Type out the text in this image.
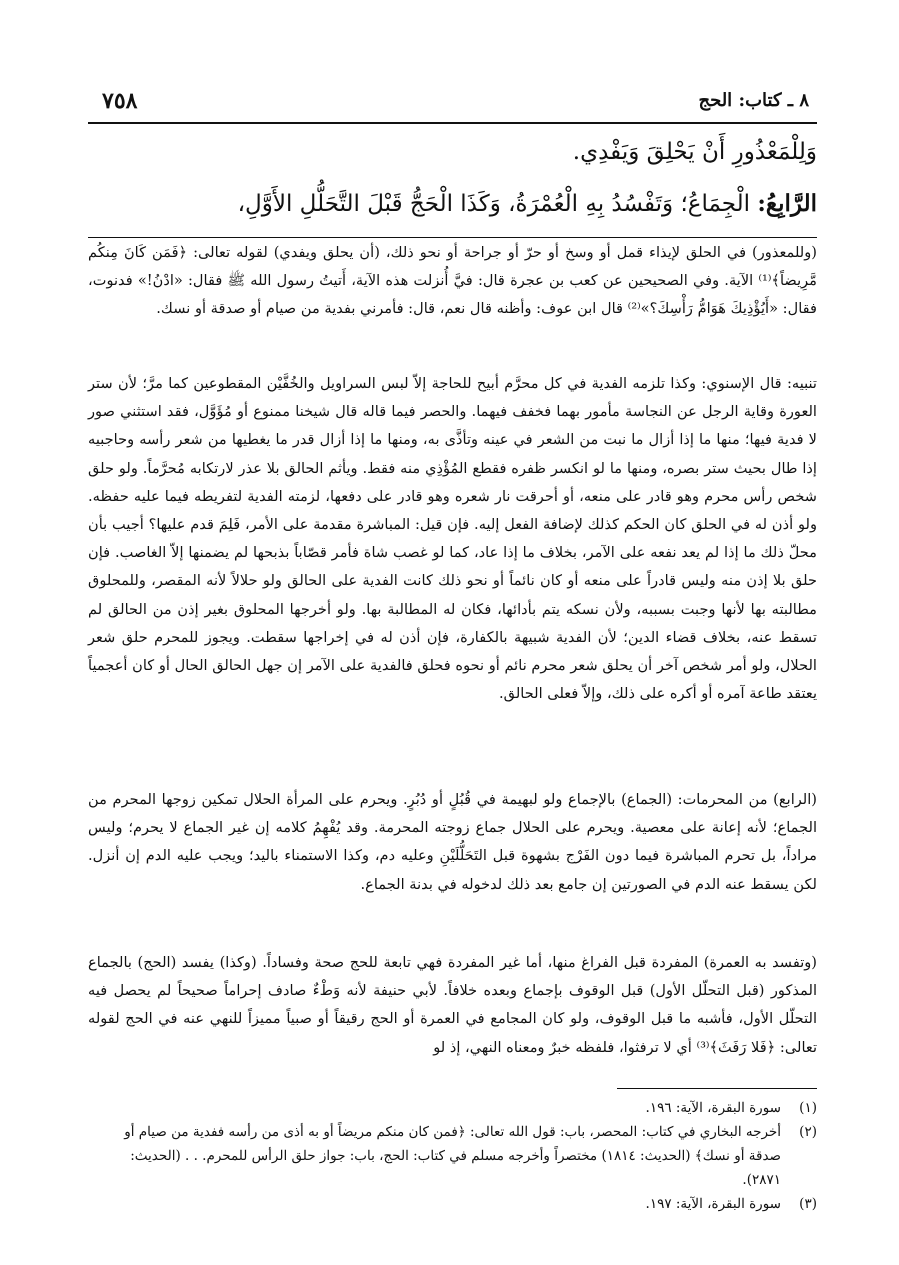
٧٥٨	٨ ـ كتاب: الحج
وَلِلْمَعْذُورِ أَنْ يَحْلِقَ وَيَفْدِي.
الرَّابِعُ: الْجِمَاعُ؛ وَتَفْسُدُ بِهِ الْعُمْرَةُ، وَكَذَا الْحَجُّ قَبْلَ التَّحَلُّلِ الأَوَّلِ،
(وللمعذور) في الحلق لإيذاء قمل أو وسخ أو حرّ أو جراحة أو نحو ذلك، (أن يحلق ويفدي) لقوله تعالى: ﴿فَمَن كَانَ مِنكُم مَّرِيضاً﴾⁽¹⁾ الآية. وفي الصحيحين عن كعب بن عجرة قال: فيَّ أُنزلت هذه الآية، أَتيتُ رسول الله ﷺ فقال: «ادْنُ!» فدنوت، فقال: «أَيُؤْذِيكَ هَوَامُّ رَأْسِكَ؟»⁽²⁾ قال ابن عوف: وأظنه قال نعم، قال: فأمرني بفدية من صيام أو صدقة أو نسك.
تنبيه: قال الإسنوي: وكذا تلزمه الفدية في كل محرَّم أبيح للحاجة إلاّ لبس السراويل والخُفَّيْن المقطوعين كما مرَّ؛ لأن ستر العورة وقاية الرجل عن النجاسة مأمور بهما فخفف فيهما. والحصر فيما قاله قال شيخنا ممنوع أو مُؤَوَّل، فقد استثني صور لا فدية فيها؛ منها ما إذا أزال ما نبت من الشعر في عينه وتأذَّى به، ومنها ما إذا أزال قدر ما يغطيها من شعر رأسه وحاجبيه إذا طال بحيث ستر بصره، ومنها ما لو انكسر ظفره فقطع المُؤْذِي منه فقط. ويأثم الحالق بلا عذر لارتكابه مُحرَّماً. ولو حلق شخص رأس محرم وهو قادر على منعه، أو أحرقت نار شعره وهو قادر على دفعها، لزمته الفدية لتفريطه فيما عليه حفظه. ولو أذن له في الحلق كان الحكم كذلك لإضافة الفعل إليه. فإن قيل: المباشرة مقدمة على الأمر، فَلِمَ قدم عليها؟ أجيب بأن محلّ ذلك ما إذا لم يعد نفعه على الآمر، بخلاف ما إذا عاد، كما لو غصب شاة فأمر قصّاباً بذبحها لم يضمنها إلاّ الغاصب. فإن حلق بلا إذن منه وليس قادراً على منعه أو كان نائماً أو نحو ذلك كانت الفدية على الحالق ولو حلالاً لأنه المقصر، وللمحلوق مطالبته بها لأنها وجبت بسببه، ولأن نسكه يتم بأدائها، فكان له المطالبة بها. ولو أخرجها المحلوق بغير إذن من الحالق لم تسقط عنه، بخلاف قضاء الدين؛ لأن الفدية شبيهة بالكفارة، فإن أذن له في إخراجها سقطت. ويجوز للمحرم حلق شعر الحلال، ولو أمر شخص آخر أن يحلق شعر محرم نائم أو نحوه فحلق فالفدية على الآمر إن جهل الحالق الحال أو كان أعجمياً يعتقد طاعة آمره أو أكره على ذلك، وإلاّ فعلى الحالق.
(الرابع) من المحرمات: (الجماع) بالإجماع ولو لبهيمة في قُبُلٍ أو دُبُرٍ. ويحرم على المرأة الحلال تمكين زوجها المحرم من الجماع؛ لأنه إعانة على معصية. ويحرم على الحلال جماع زوجته المحرمة. وقد يُفْهِمُ كلامه إن غير الجماع لا يحرم؛ وليس مراداً، بل تحرم المباشرة فيما دون الفَرْج بشهوة قبل التَحَلُّلَيْنِ وعليه دم، وكذا الاستمناء باليد؛ ويجب عليه الدم إن أنزل. لكن يسقط عنه الدم في الصورتين إن جامع بعد ذلك لدخوله في بدنة الجماع.
(وتفسد به العمرة) المفردة قبل الفراغ منها، أما غير المفردة فهي تابعة للحج صحة وفساداً. (وكذا) يفسد (الحج) بالجماع المذكور (قبل التحلّل الأول) قبل الوقوف بإجماع وبعده خلافاً. لأبي حنيفة لأنه وَطْءٌ صادف إحراماً صحيحاً لم يحصل فيه التحلّل الأول، فأشبه ما قبل الوقوف، ولو كان المجامع في العمرة أو الحج رقيقاً أو صبياً مميزاً للنهي عنه في الحج لقوله تعالى: ﴿فَلا رَفَثَ﴾⁽³⁾ أي لا ترفثوا، فلفظه خبرٌ ومعناه النهي، إذ لو
(١)
سورة البقرة، الآية: ١٩٦.
(٢)
أخرجه البخاري في كتاب: المحصر، باب: قول الله تعالى: ﴿فمن كان منكم مريضاً أو به أذى من رأسه ففدية من صيام أو صدقة أو نسك﴾ (الحديث: ١٨١٤) مختصراً وأخرجه مسلم في كتاب: الحج، باب: جواز حلق الرأس للمحرم. . . (الحديث: ٢٨٧١).
(٣)
سورة البقرة، الآية: ١٩٧.
